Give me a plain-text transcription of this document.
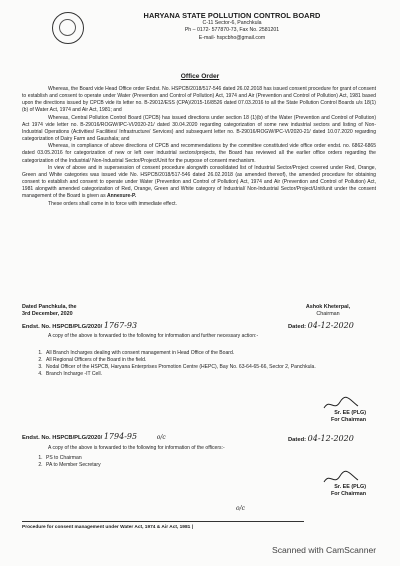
HARYANA STATE POLLUTION CONTROL BOARD
C-11 Sector-6, Panchkula
Ph – 0172- 577870-73, Fax No. 2581201
E-mail- hspcbho@gmail.com
Office Order

Whereas, the Board vide Head Office order Endst. No. HSPCB/2018/517-546 dated 26.02.2018 has issued consent procedure for grant of consent to establish and consent to operate under Water (Prevention and Control of Pollution) Act, 1974 and Air (Prevention and Control of Pollution) Act, 1981 based upon the directions issued by CPCB vide its letter no. B-29012/ESS (CPA)/2015-16/8526 dated 07.03.2016 to all the State Pollution Control Boards u/s 18(1)(b) of Water Act, 1974 and Air Act, 1981; and

Whereas, Central Pollution Control Board (CPCB) has issued directions under section 18 (1)(b) of the Water (Prevention and Control of Pollution) Act 1974 vide letter no. B-29016/ROGW/IPC-VI/2020-21/ dated 30.04.2020 regarding categorization of some new industrial sectors and listing of Non-Industrial Operations (Activities/ Facilities/ Infrastructure/ Services) and subsequent letter no. B-29016/ROGW/IPC-VI/2020-21/ dated 10.07.2020 regarding categorization of Dairy Farm and Gaushala; and

Whereas, in compliance of above directions of CPCB and recommendations by the committee constituted vide office order endst. no. 6862-6865 dated 03.05.2016 for categorization of new or left over industrial sectors/projects, the Board has reviewed all the earlier office orders regarding the categorization of the Industrial/ Non-Industrial Sector/Project/Unit for the purpose of consent mechanism.

In view of above and in supersession of consent procedure alongwith consolidated list of Industrial Sector/Project covered under Red, Orange, Green and White categories was issued vide No. HSPCB/2018/517-546 dated 26.02.2018 (as amended thereof), the amended procedure for obtaining consent to establish and consent to operate under Water (Prevention and Control of Pollution) Act, 1974 and Air (Prevention and Control of Pollution) Act, 1981 alongwith amended categorization of Red, Orange, Green and White category of Industrial/ Non-Industrial Sector/Project/Unit/unit under the consent management of the Board is given as Annexure-P.

These orders shall come in to force with immediate effect.

Dated Panchkula, the
3rd December, 2020
Ashok Kheterpal,
Chairman
Endst. No. HSPCB/PLG/2020/ 1767-93	Dated: 04-12-2020

A copy of the above is forwarded to the following for information and further necessary action:-

1. All Branch Incharges dealing with consent management in Head Office of the Board.
2. All Regional Officers of the Board in the field.
3. Nodal Officer of the HSPCB, Haryana Enterprises Promotion Centre (HEPC), Bay No. 63-64-65-66, Sector 2, Panchkula.
4. Branch Incharge -IT Cell.
Sr. EE (PLG)
For Chairman
Endst. No. HSPCB/PLG/2020/ 1794-95	o/c	Dated: 04-12-2020

A copy of the above is forwarded to the following for information of the officers:-

1. PS to Chairman
2. PA to Member Secretary
Sr. EE (PLG)
For Chairman
o/c
Procedure for consent management under Water Act, 1974 & Air Act, 1981 |
Scanned with CamScanner
